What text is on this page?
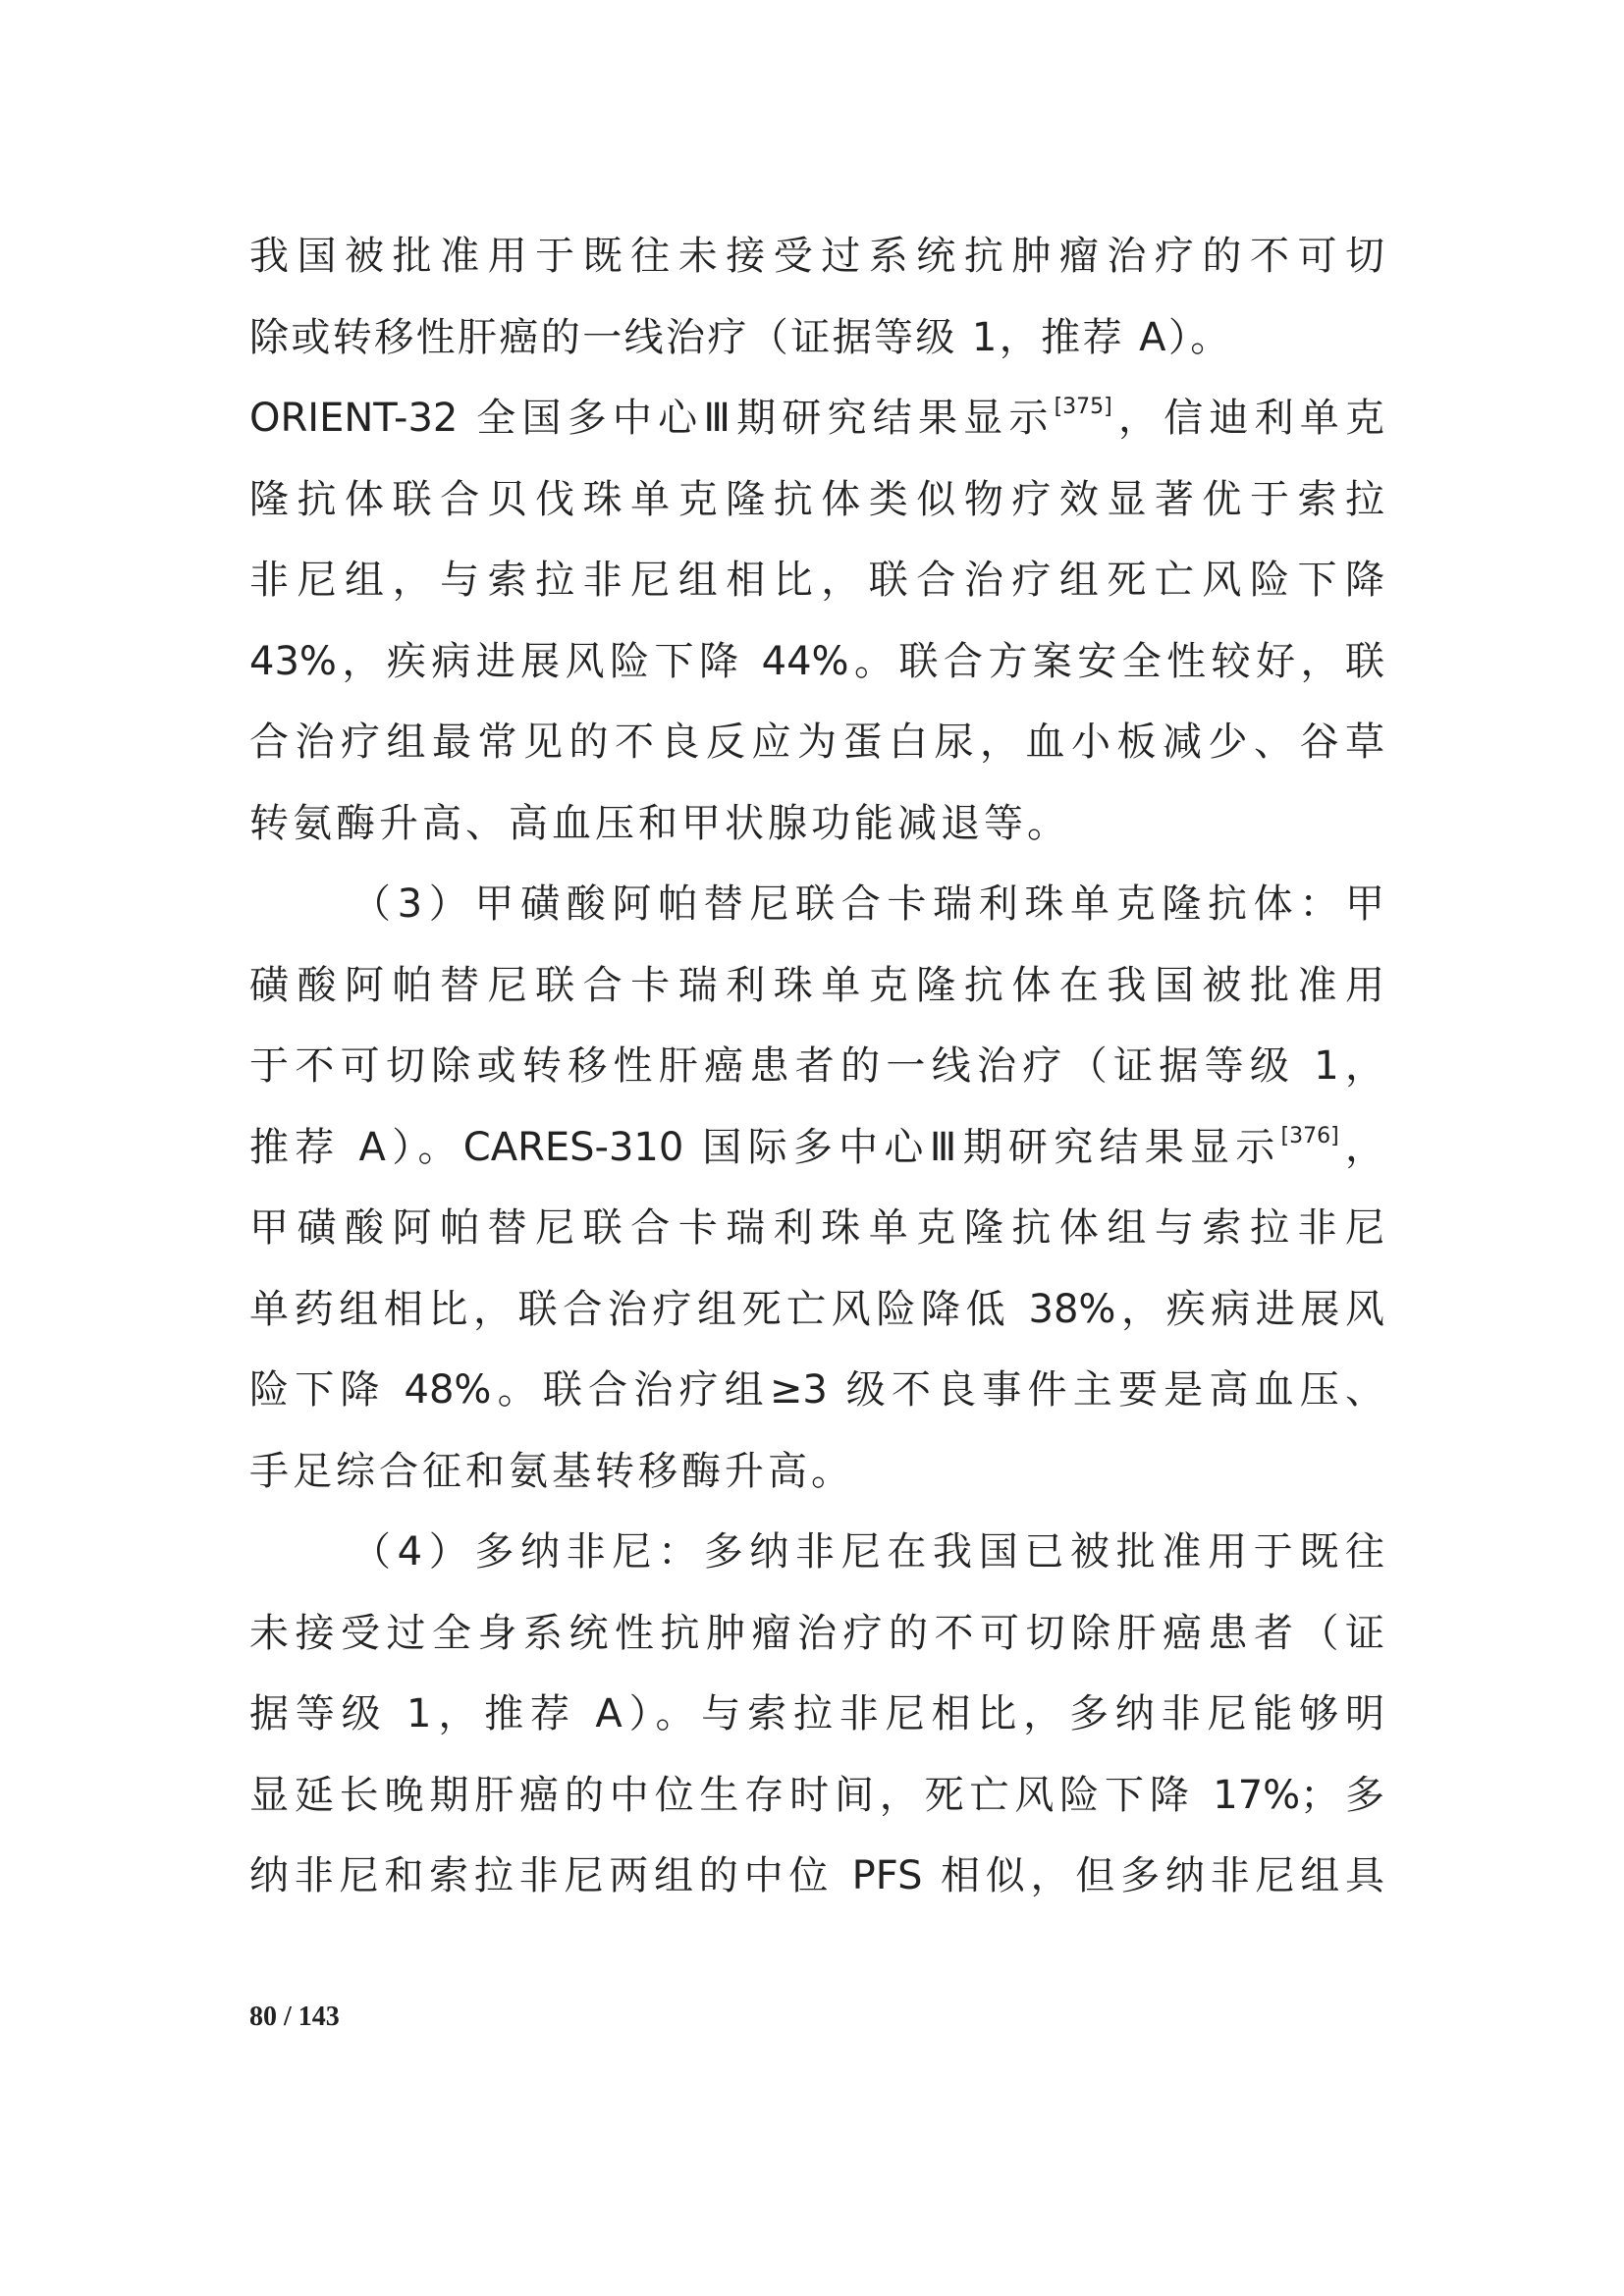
我国被批准用于既往未接受过系统抗肿瘤治疗的不可切
除或转移性肝癌的一线治疗（证据等级 1，推荐 A）。
ORIENT-32 全国多中心Ⅲ期研究结果显示[375]，信迪利单克
隆抗体联合贝伐珠单克隆抗体类似物疗效显著优于索拉
非尼组，与索拉非尼组相比，联合治疗组死亡风险下降
43%，疾病进展风险下降 44%。联合方案安全性较好，联
合治疗组最常见的不良反应为蛋白尿，血小板减少、谷草
转氨酶升高、高血压和甲状腺功能减退等。
（3）甲磺酸阿帕替尼联合卡瑞利珠单克隆抗体：甲
磺酸阿帕替尼联合卡瑞利珠单克隆抗体在我国被批准用
于不可切除或转移性肝癌患者的一线治疗（证据等级 1，
推荐 A）。CARES-310 国际多中心Ⅲ期研究结果显示[376]，
甲磺酸阿帕替尼联合卡瑞利珠单克隆抗体组与索拉非尼
单药组相比，联合治疗组死亡风险降低 38%，疾病进展风
险下降 48%。联合治疗组≥3 级不良事件主要是高血压、
手足综合征和氨基转移酶升高。
（4）多纳非尼：多纳非尼在我国已被批准用于既往
未接受过全身系统性抗肿瘤治疗的不可切除肝癌患者（证
据等级 1，推荐 A）。与索拉非尼相比，多纳非尼能够明
显延长晚期肝癌的中位生存时间，死亡风险下降 17%；多
纳非尼和索拉非尼两组的中位 PFS 相似，但多纳非尼组具
80 / 143
